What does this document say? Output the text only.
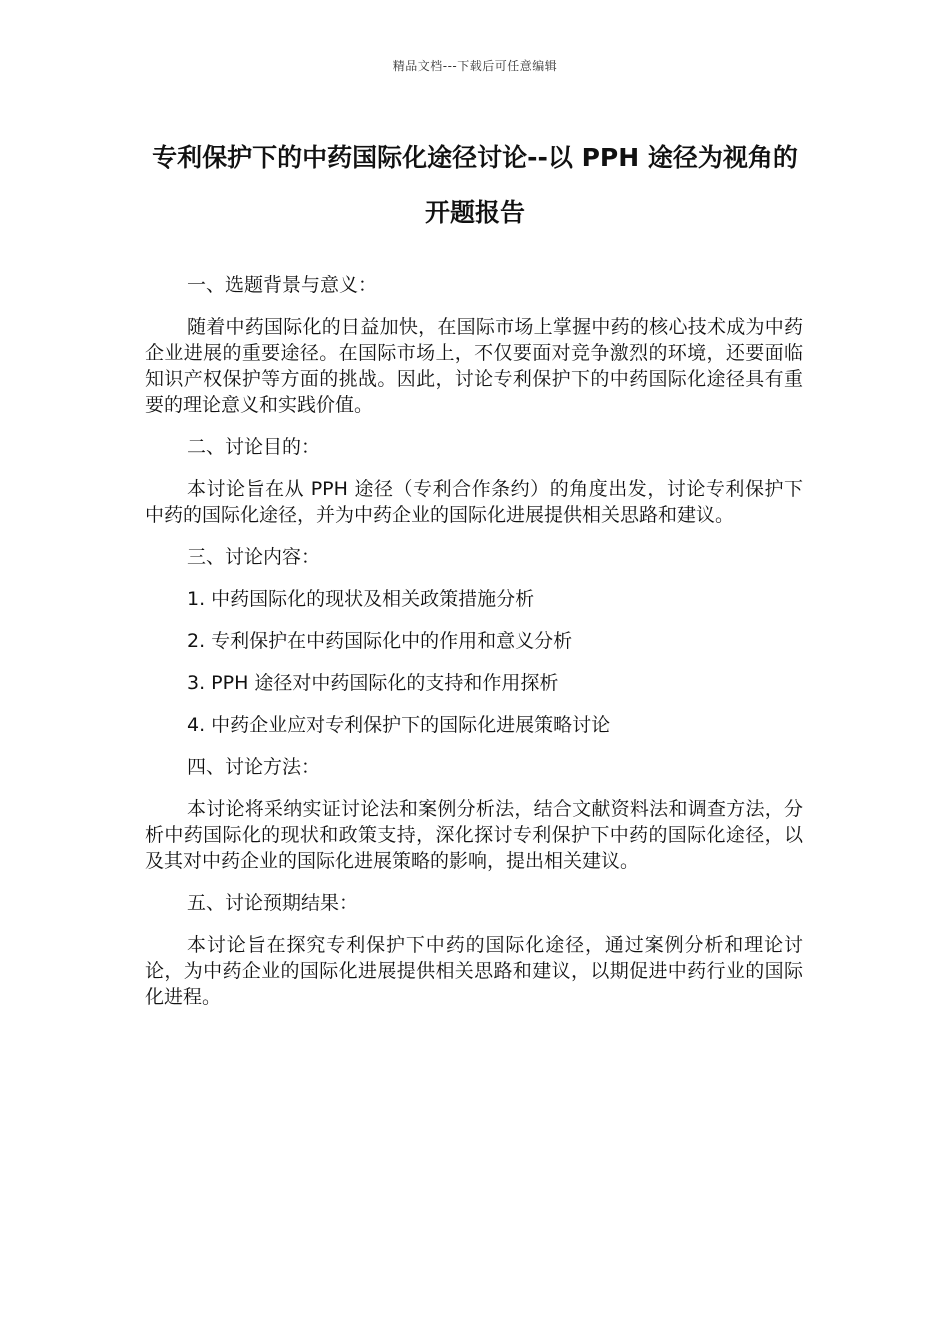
精品文档---下载后可任意编辑
专利保护下的中药国际化途径讨论--以 PPH 途径为视角的开题报告
一、选题背景与意义：

随着中药国际化的日益加快，在国际市场上掌握中药的核心技术成为中药企业进展的重要途径。在国际市场上，不仅要面对竞争激烈的环境，还要面临知识产权保护等方面的挑战。因此，讨论专利保护下的中药国际化途径具有重要的理论意义和实践价值。

二、讨论目的：

本讨论旨在从 PPH 途径（专利合作条约）的角度出发，讨论专利保护下中药的国际化途径，并为中药企业的国际化进展提供相关思路和建议。

三、讨论内容：
1. 中药国际化的现状及相关政策措施分析
2. 专利保护在中药国际化中的作用和意义分析
3. PPH 途径对中药国际化的支持和作用探析
4. 中药企业应对专利保护下的国际化进展策略讨论
四、讨论方法：

本讨论将采纳实证讨论法和案例分析法，结合文献资料法和调查方法，分析中药国际化的现状和政策支持，深化探讨专利保护下中药的国际化途径，以及其对中药企业的国际化进展策略的影响，提出相关建议。

五、讨论预期结果：

本讨论旨在探究专利保护下中药的国际化途径，通过案例分析和理论讨论，为中药企业的国际化进展提供相关思路和建议，以期促进中药行业的国际化进程。
